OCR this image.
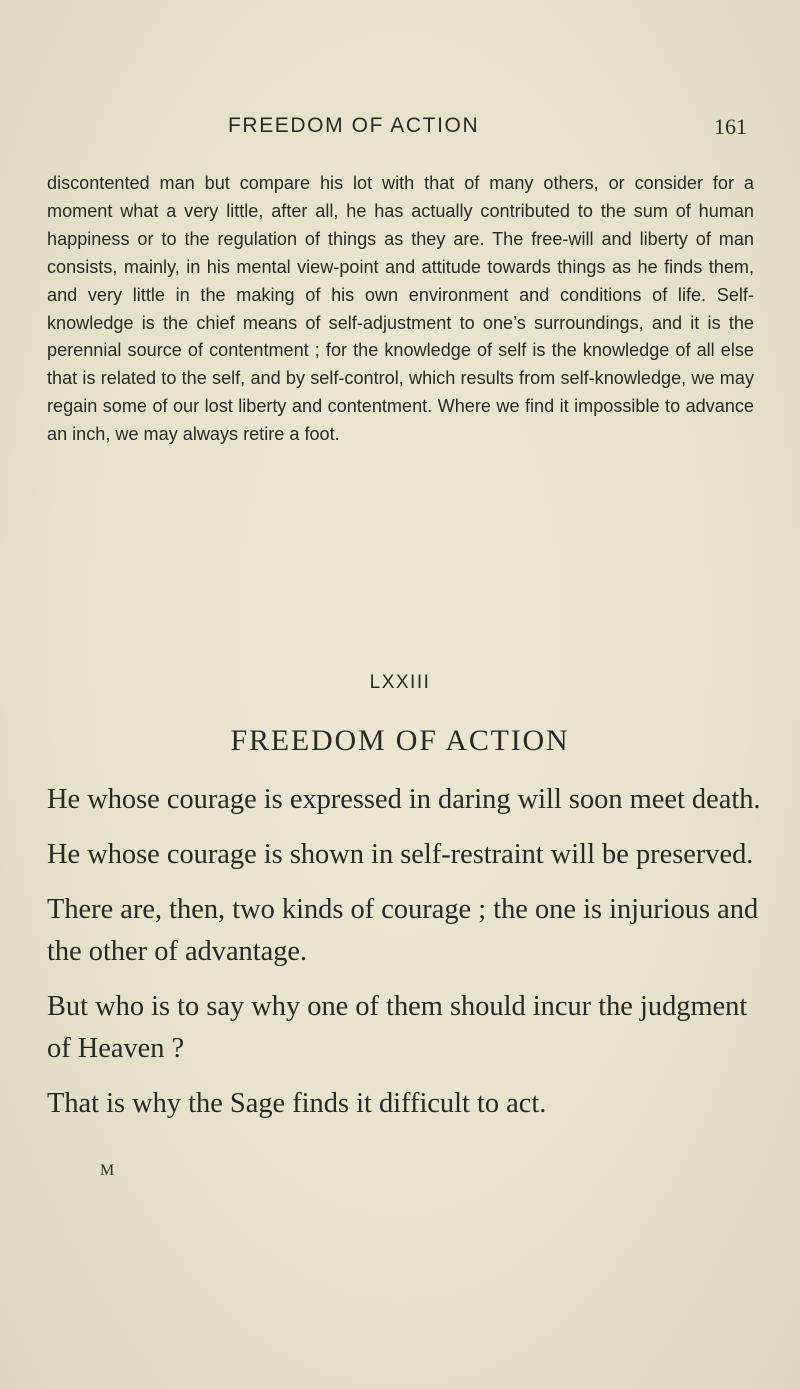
FREEDOM OF ACTION	161

discontented man but compare his lot with that of many others, or consider for a moment what a very little, after all, he has actually contributed to the sum of human happiness or to the regulation of things as they are. The free-will and liberty of man consists, mainly, in his mental view-point and attitude towards things as he finds them, and very little in the making of his own environment and conditions of life. Self-knowledge is the chief means of self-adjustment to one’s surroundings, and it is the perennial source of contentment ; for the knowledge of self is the knowledge of all else that is related to the self, and by self-control, which results from self-knowledge, we may regain some of our lost liberty and contentment. Where we find it impossible to advance an inch, we may always retire a foot.

LXXIII
FREEDOM OF ACTION

He whose courage is expressed in daring will soon meet death.

He whose courage is shown in self-restraint will be preserved.

There are, then, two kinds of courage ; the one is injurious and the other of advantage.

But who is to say why one of them should incur the judgment of Heaven ?

That is why the Sage finds it difficult to act.

M
